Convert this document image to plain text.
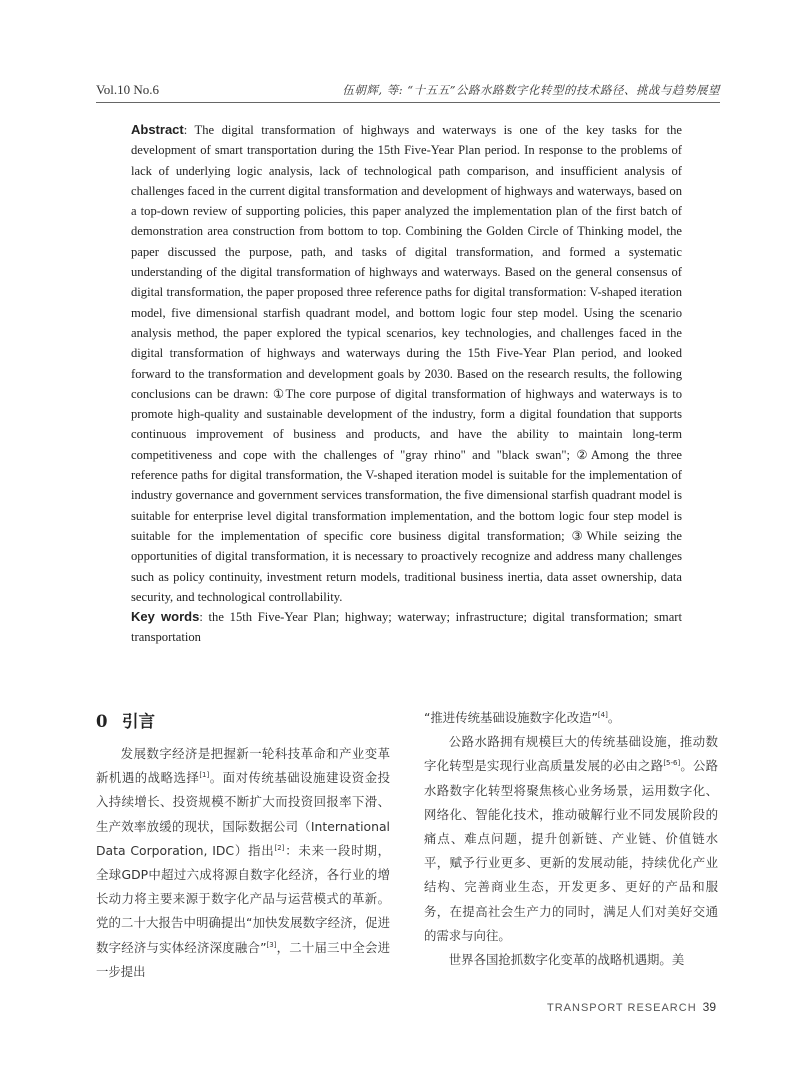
Vol.10 No.6	伍朝辉, 等: “十五五”公路水路数字化转型的技术路径、挑战与趋势展望
Abstract: The digital transformation of highways and waterways is one of the key tasks for the development of smart transportation during the 15th Five-Year Plan period. In response to the problems of lack of underlying logic analysis, lack of technological path comparison, and insufficient analysis of challenges faced in the current digital transformation and development of highways and waterways, based on a top-down review of supporting policies, this paper analyzed the implementation plan of the first batch of demonstration area construction from bottom to top. Combining the Golden Circle of Thinking model, the paper discussed the purpose, path, and tasks of digital transformation, and formed a systematic understanding of the digital transformation of highways and waterways. Based on the general consensus of digital transformation, the paper proposed three reference paths for digital transformation: V-shaped iteration model, five dimensional starfish quadrant model, and bottom logic four step model. Using the scenario analysis method, the paper explored the typical scenarios, key technologies, and challenges faced in the digital transformation of highways and waterways during the 15th Five-Year Plan period, and looked forward to the transformation and development goals by 2030. Based on the research results, the following conclusions can be drawn: ①The core purpose of digital transformation of highways and waterways is to promote high-quality and sustainable development of the industry, form a digital foundation that supports continuous improvement of business and products, and have the ability to maintain long-term competitiveness and cope with the challenges of "gray rhino" and "black swan"; ②Among the three reference paths for digital transformation, the V-shaped iteration model is suitable for the implementation of industry governance and government services transformation, the five dimensional starfish quadrant model is suitable for enterprise level digital transformation implementation, and the bottom logic four step model is suitable for the implementation of specific core business digital transformation; ③While seizing the opportunities of digital transformation, it is necessary to proactively recognize and address many challenges such as policy continuity, investment return models, traditional business inertia, data asset ownership, data security, and technological controllability.
Key words: the 15th Five-Year Plan; highway; waterway; infrastructure; digital transformation; smart transportation
0 引言

发展数字经济是把握新一轮科技革命和产业变革新机遇的战略选择[1]。面对传统基础设施建设资金投入持续增长、投资规模不断扩大而投资回报率下滑、生产效率放缓的现状，国际数据公司（International Data Corporation, IDC）指出[2]：未来一段时期，全球GDP中超过六成将源自数字化经济，各行业的增长动力将主要来源于数字化产品与运营模式的革新。党的二十大报告中明确提出“加快发展数字经济，促进数字经济与实体经济深度融合”[3]，二十届三中全会进一步提出

“推进传统基础设施数字化改造”[4]。

公路水路拥有规模巨大的传统基础设施，推动数字化转型是实现行业高质量发展的必由之路[5-6]。公路水路数字化转型将聚焦核心业务场景，运用数字化、网络化、智能化技术，推动破解行业不同发展阶段的痛点、难点问题，提升创新链、产业链、价值链水平，赋予行业更多、更新的发展动能，持续优化产业结构、完善商业生态，开发更多、更好的产品和服务，在提高社会生产力的同时，满足人们对美好交通的需求与向往。

世界各国抢抓数字化变革的战略机遇期。美

TRANSPORT RESEARCH 39
